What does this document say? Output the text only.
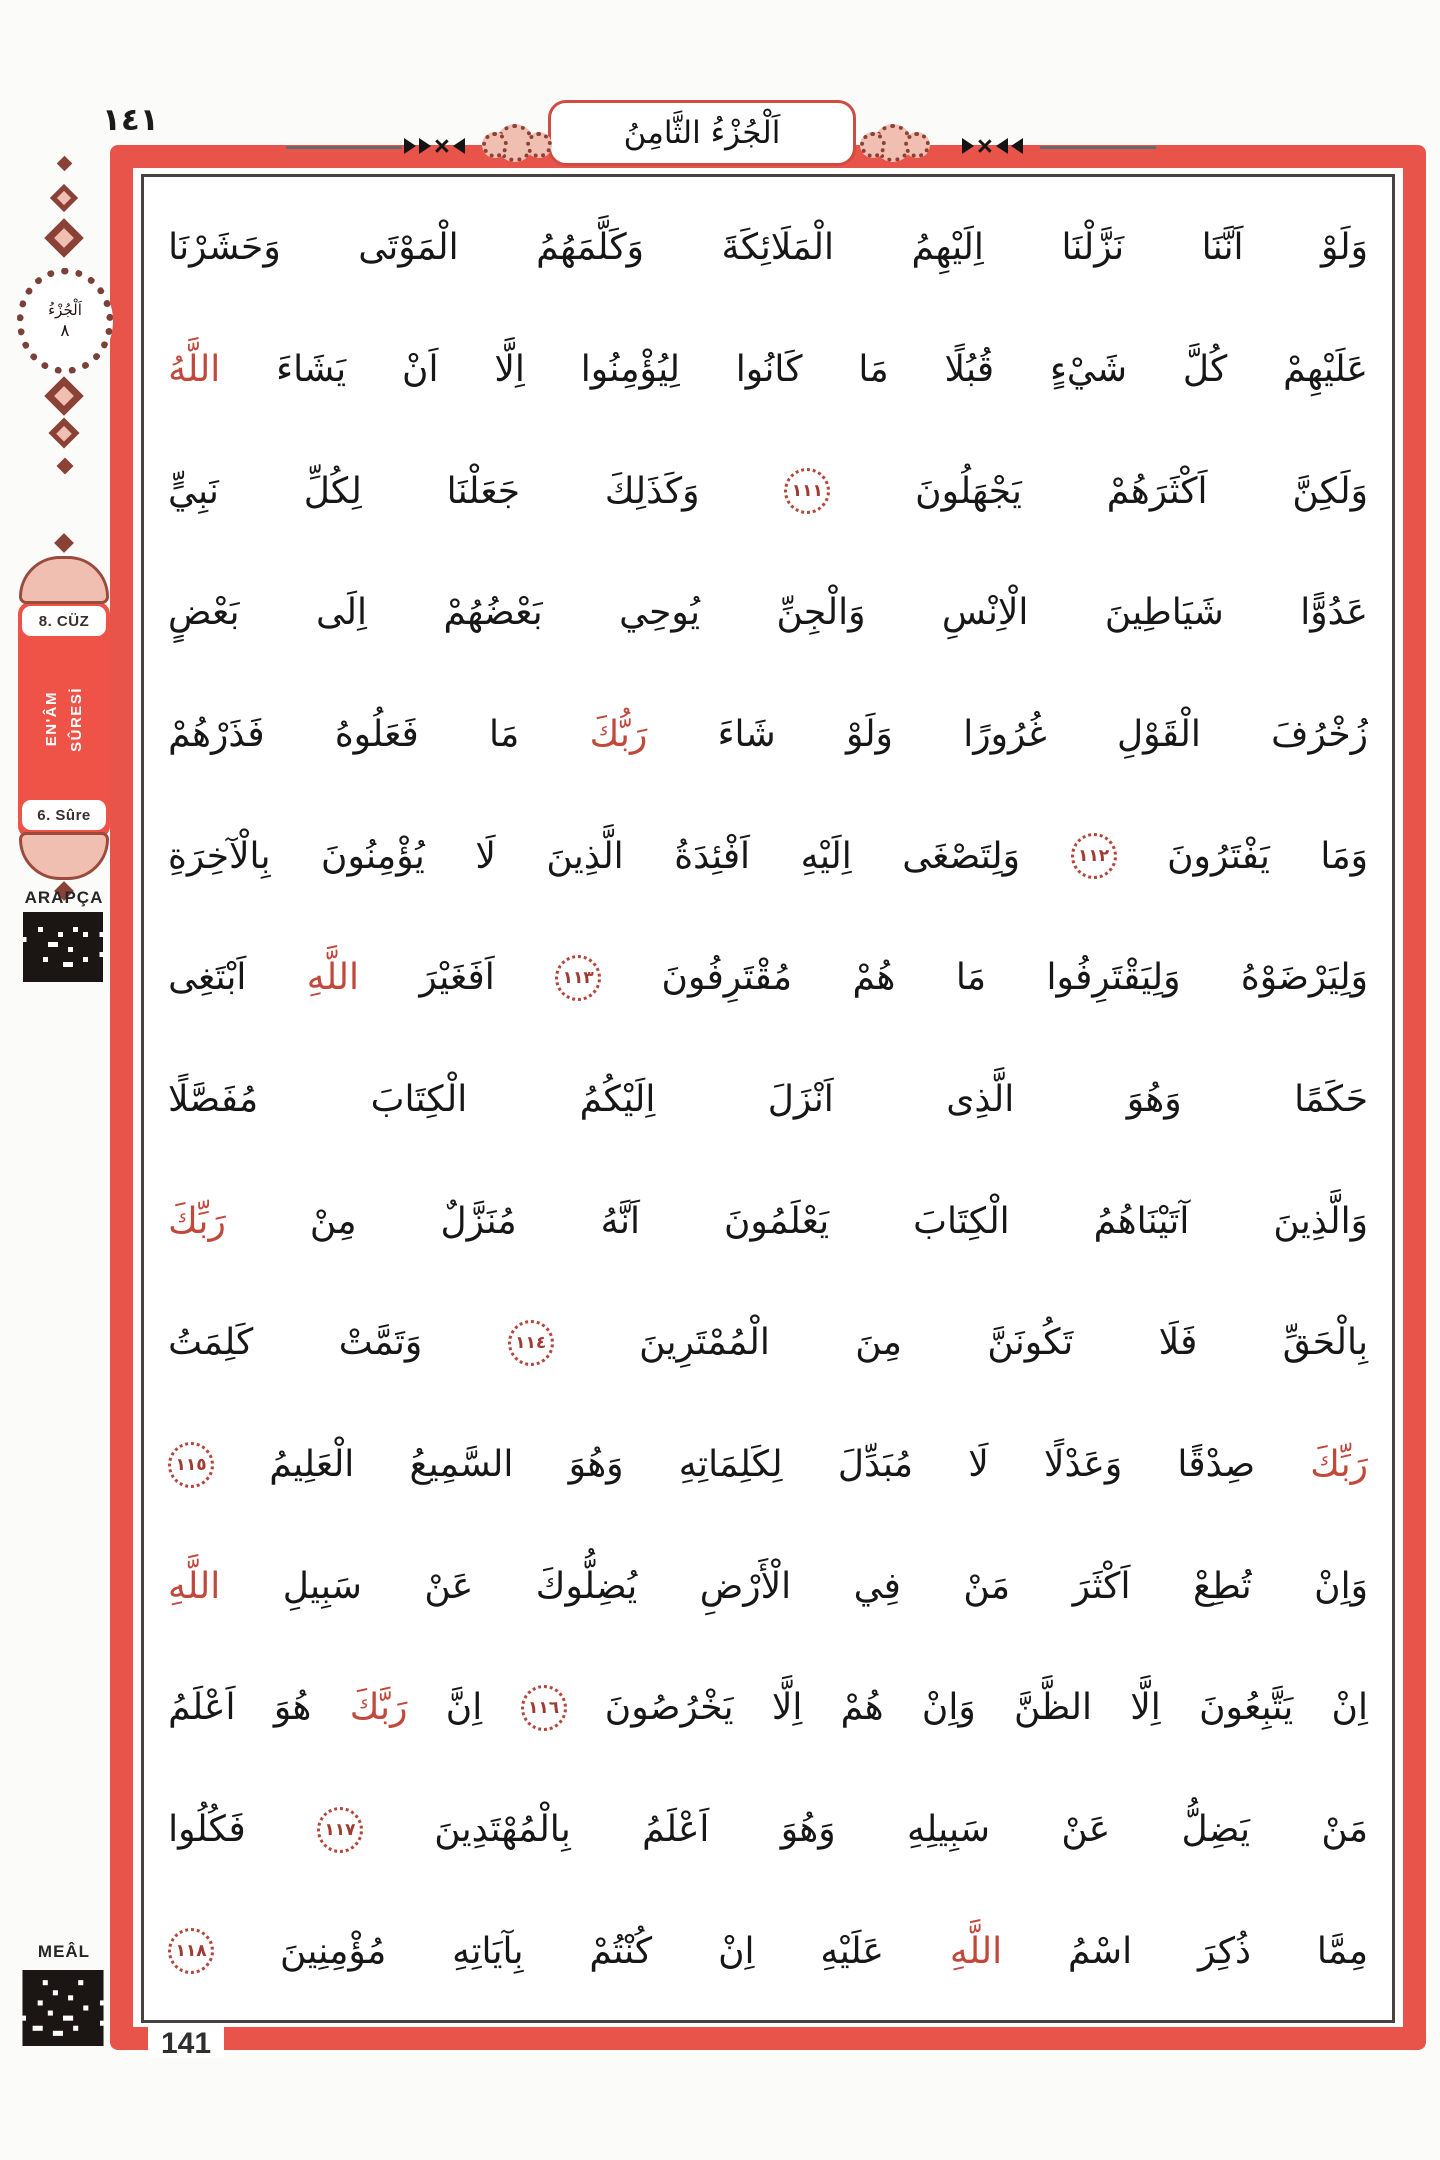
١٤١
×	اَلْجُزْءُ الثَّامِنُ	×
وَلَوْ
اَنَّنَا
نَزَّلْنَا
اِلَيْهِمُ
الْمَلَائِكَةَ
وَكَلَّمَهُمُ
الْمَوْتَى
وَحَشَرْنَا
عَلَيْهِمْ
كُلَّ
شَيْءٍ
قُبُلًا
مَا
كَانُوا
لِيُؤْمِنُوا
اِلَّا
اَنْ
يَشَاءَ
اللَّهُ
وَلَكِنَّ
اَكْثَرَهُمْ
يَجْهَلُونَ
١١١
وَكَذَلِكَ
جَعَلْنَا
لِكُلِّ
نَبِيٍّ
عَدُوًّا
شَيَاطِينَ
الْاِنْسِ
وَالْجِنِّ
يُوحِي
بَعْضُهُمْ
اِلَى
بَعْضٍ
زُخْرُفَ
الْقَوْلِ
غُرُورًا
وَلَوْ
شَاءَ
رَبُّكَ
مَا
فَعَلُوهُ
فَذَرْهُمْ
وَمَا
يَفْتَرُونَ
١١٢
وَلِتَصْغَى
اِلَيْهِ
اَفْئِدَةُ
الَّذِينَ
لَا
يُؤْمِنُونَ
بِالْآخِرَةِ
وَلِيَرْضَوْهُ
وَلِيَقْتَرِفُوا
مَا
هُمْ
مُقْتَرِفُونَ
١١٣
اَفَغَيْرَ
اللَّهِ
اَبْتَغِى
حَكَمًا
وَهُوَ
الَّذِى
اَنْزَلَ
اِلَيْكُمُ
الْكِتَابَ
مُفَصَّلًا
وَالَّذِينَ
آتَيْنَاهُمُ
الْكِتَابَ
يَعْلَمُونَ
اَنَّهُ
مُنَزَّلٌ
مِنْ
رَبِّكَ
بِالْحَقِّ
فَلَا
تَكُونَنَّ
مِنَ
الْمُمْتَرِينَ
١١٤
وَتَمَّتْ
كَلِمَتُ
رَبِّكَ
صِدْقًا
وَعَدْلًا
لَا
مُبَدِّلَ
لِكَلِمَاتِهِ
وَهُوَ
السَّمِيعُ
الْعَلِيمُ
١١٥
وَاِنْ
تُطِعْ
اَكْثَرَ
مَنْ
فِي
الْأَرْضِ
يُضِلُّوكَ
عَنْ
سَبِيلِ
اللَّهِ
اِنْ
يَتَّبِعُونَ
اِلَّا
الظَّنَّ
وَاِنْ
هُمْ
اِلَّا
يَخْرُصُونَ
١١٦
اِنَّ
رَبَّكَ
هُوَ
اَعْلَمُ
مَنْ
يَضِلُّ
عَنْ
سَبِيلِهِ
وَهُوَ
اَعْلَمُ
بِالْمُهْتَدِينَ
١١٧
فَكُلُوا
مِمَّا
ذُكِرَ
اسْمُ
اللَّهِ
عَلَيْهِ
اِنْ
كُنْتُمْ
بِآيَاتِهِ
مُؤْمِنِينَ
١١٨
141
اَلْجُزْءُ
٨
8. CÜZ
EN'ÂM SÛRESİ
6. Sûre
ARAPÇA
MEÂL
